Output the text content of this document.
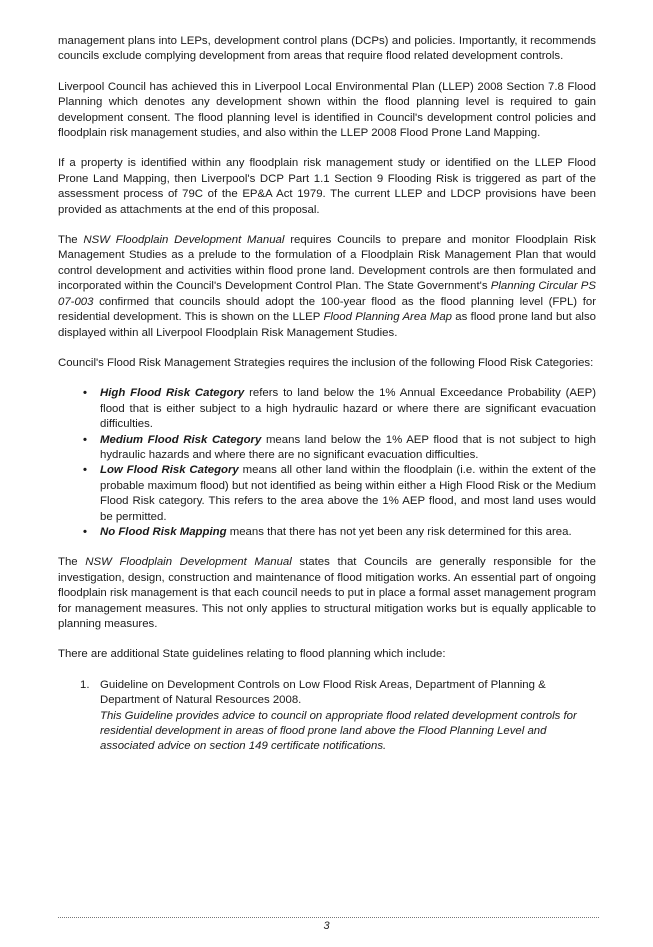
management plans into LEPs, development control plans (DCPs) and policies. Importantly, it recommends councils exclude complying development from areas that require flood related development controls.

Liverpool Council has achieved this in Liverpool Local Environmental Plan (LLEP) 2008 Section 7.8 Flood Planning which denotes any development shown within the flood planning level is required to gain development consent. The flood planning level is identified in Council's development control policies and floodplain risk management studies, and also within the LLEP 2008 Flood Prone Land Mapping.

If a property is identified within any floodplain risk management study or identified on the LLEP Flood Prone Land Mapping, then Liverpool's DCP Part 1.1 Section 9 Flooding Risk is triggered as part of the assessment process of 79C of the EP&A Act 1979. The current LLEP and LDCP provisions have been provided as attachments at the end of this proposal.

The NSW Floodplain Development Manual requires Councils to prepare and monitor Floodplain Risk Management Studies as a prelude to the formulation of a Floodplain Risk Management Plan that would control development and activities within flood prone land. Development controls are then formulated and incorporated within the Council's Development Control Plan. The State Government's Planning Circular PS 07-003 confirmed that councils should adopt the 100-year flood as the flood planning level (FPL) for residential development. This is shown on the LLEP Flood Planning Area Map as flood prone land but also displayed within all Liverpool Floodplain Risk Management Studies.

Council's Flood Risk Management Strategies requires the inclusion of the following Flood Risk Categories:

• High Flood Risk Category refers to land below the 1% Annual Exceedance Probability (AEP) flood that is either subject to a high hydraulic hazard or where there are significant evacuation difficulties.
• Medium Flood Risk Category means land below the 1% AEP flood that is not subject to high hydraulic hazards and where there are no significant evacuation difficulties.
• Low Flood Risk Category means all other land within the floodplain (i.e. within the extent of the probable maximum flood) but not identified as being within either a High Flood Risk or the Medium Flood Risk category. This refers to the area above the 1% AEP flood, and most land uses would be permitted.
• No Flood Risk Mapping means that there has not yet been any risk determined for this area.

The NSW Floodplain Development Manual states that Councils are generally responsible for the investigation, design, construction and maintenance of flood mitigation works. An essential part of ongoing floodplain risk management is that each council needs to put in place a formal asset management program for management measures. This not only applies to structural mitigation works but is equally applicable to planning measures.

There are additional State guidelines relating to flood planning which include:

1. Guideline on Development Controls on Low Flood Risk Areas, Department of Planning & Department of Natural Resources 2008.
This Guideline provides advice to council on appropriate flood related development controls for residential development in areas of flood prone land above the Flood Planning Level and associated advice on section 149 certificate notifications.
3
